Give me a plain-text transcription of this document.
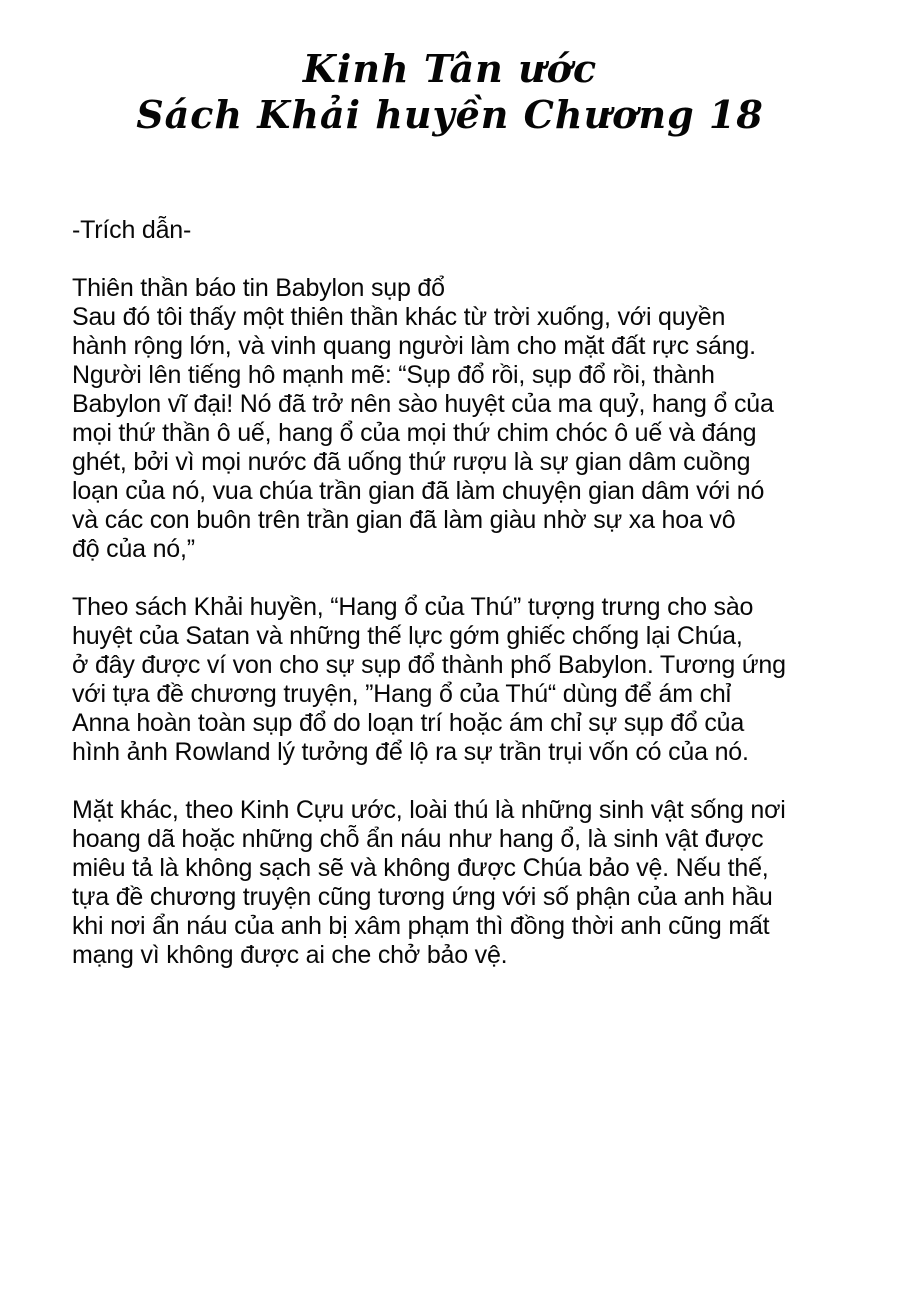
Kinh Tân ước
Sách Khải huyền Chương 18
-Trích dẫn-
Thiên thần báo tin Babylon sụp đổ
Sau đó tôi thấy một thiên thần khác từ trời xuống, với quyền
hành rộng lớn, và vinh quang người làm cho mặt đất rực sáng.
Người lên tiếng hô mạnh mẽ: “Sụp đổ rồi, sụp đổ rồi, thành
Babylon vĩ đại! Nó đã trở nên sào huyệt của ma quỷ, hang ổ của
mọi thứ thần ô uế, hang ổ của mọi thứ chim chóc ô uế và đáng
ghét, bởi vì mọi nước đã uống thứ rượu là sự gian dâm cuồng
loạn của nó, vua chúa trần gian đã làm chuyện gian dâm với nó
và các con buôn trên trần gian đã làm giàu nhờ sự xa hoa vô
độ của nó,”
Theo sách Khải huyền, “Hang ổ của Thú” tượng trưng cho sào
huyệt của Satan và những thế lực gớm ghiếc chống lại Chúa,
ở đây được ví von cho sự sụp đổ thành phố Babylon. Tương ứng
với tựa đề chương truyện, ”Hang ổ của Thú“ dùng để ám chỉ
Anna hoàn toàn sụp đổ do loạn trí hoặc ám chỉ sự sụp đổ của
hình ảnh Rowland lý tưởng để lộ ra sự trần trụi vốn có của nó.
Mặt khác, theo Kinh Cựu ước, loài thú là những sinh vật sống nơi
hoang dã hoặc những chỗ ẩn náu như hang ổ, là sinh vật được
miêu tả là không sạch sẽ và không được Chúa bảo vệ. Nếu thế,
tựa đề chương truyện cũng tương ứng với số phận của anh hầu
khi nơi ẩn náu của anh bị xâm phạm thì đồng thời anh cũng mất
mạng vì không được ai che chở bảo vệ.
